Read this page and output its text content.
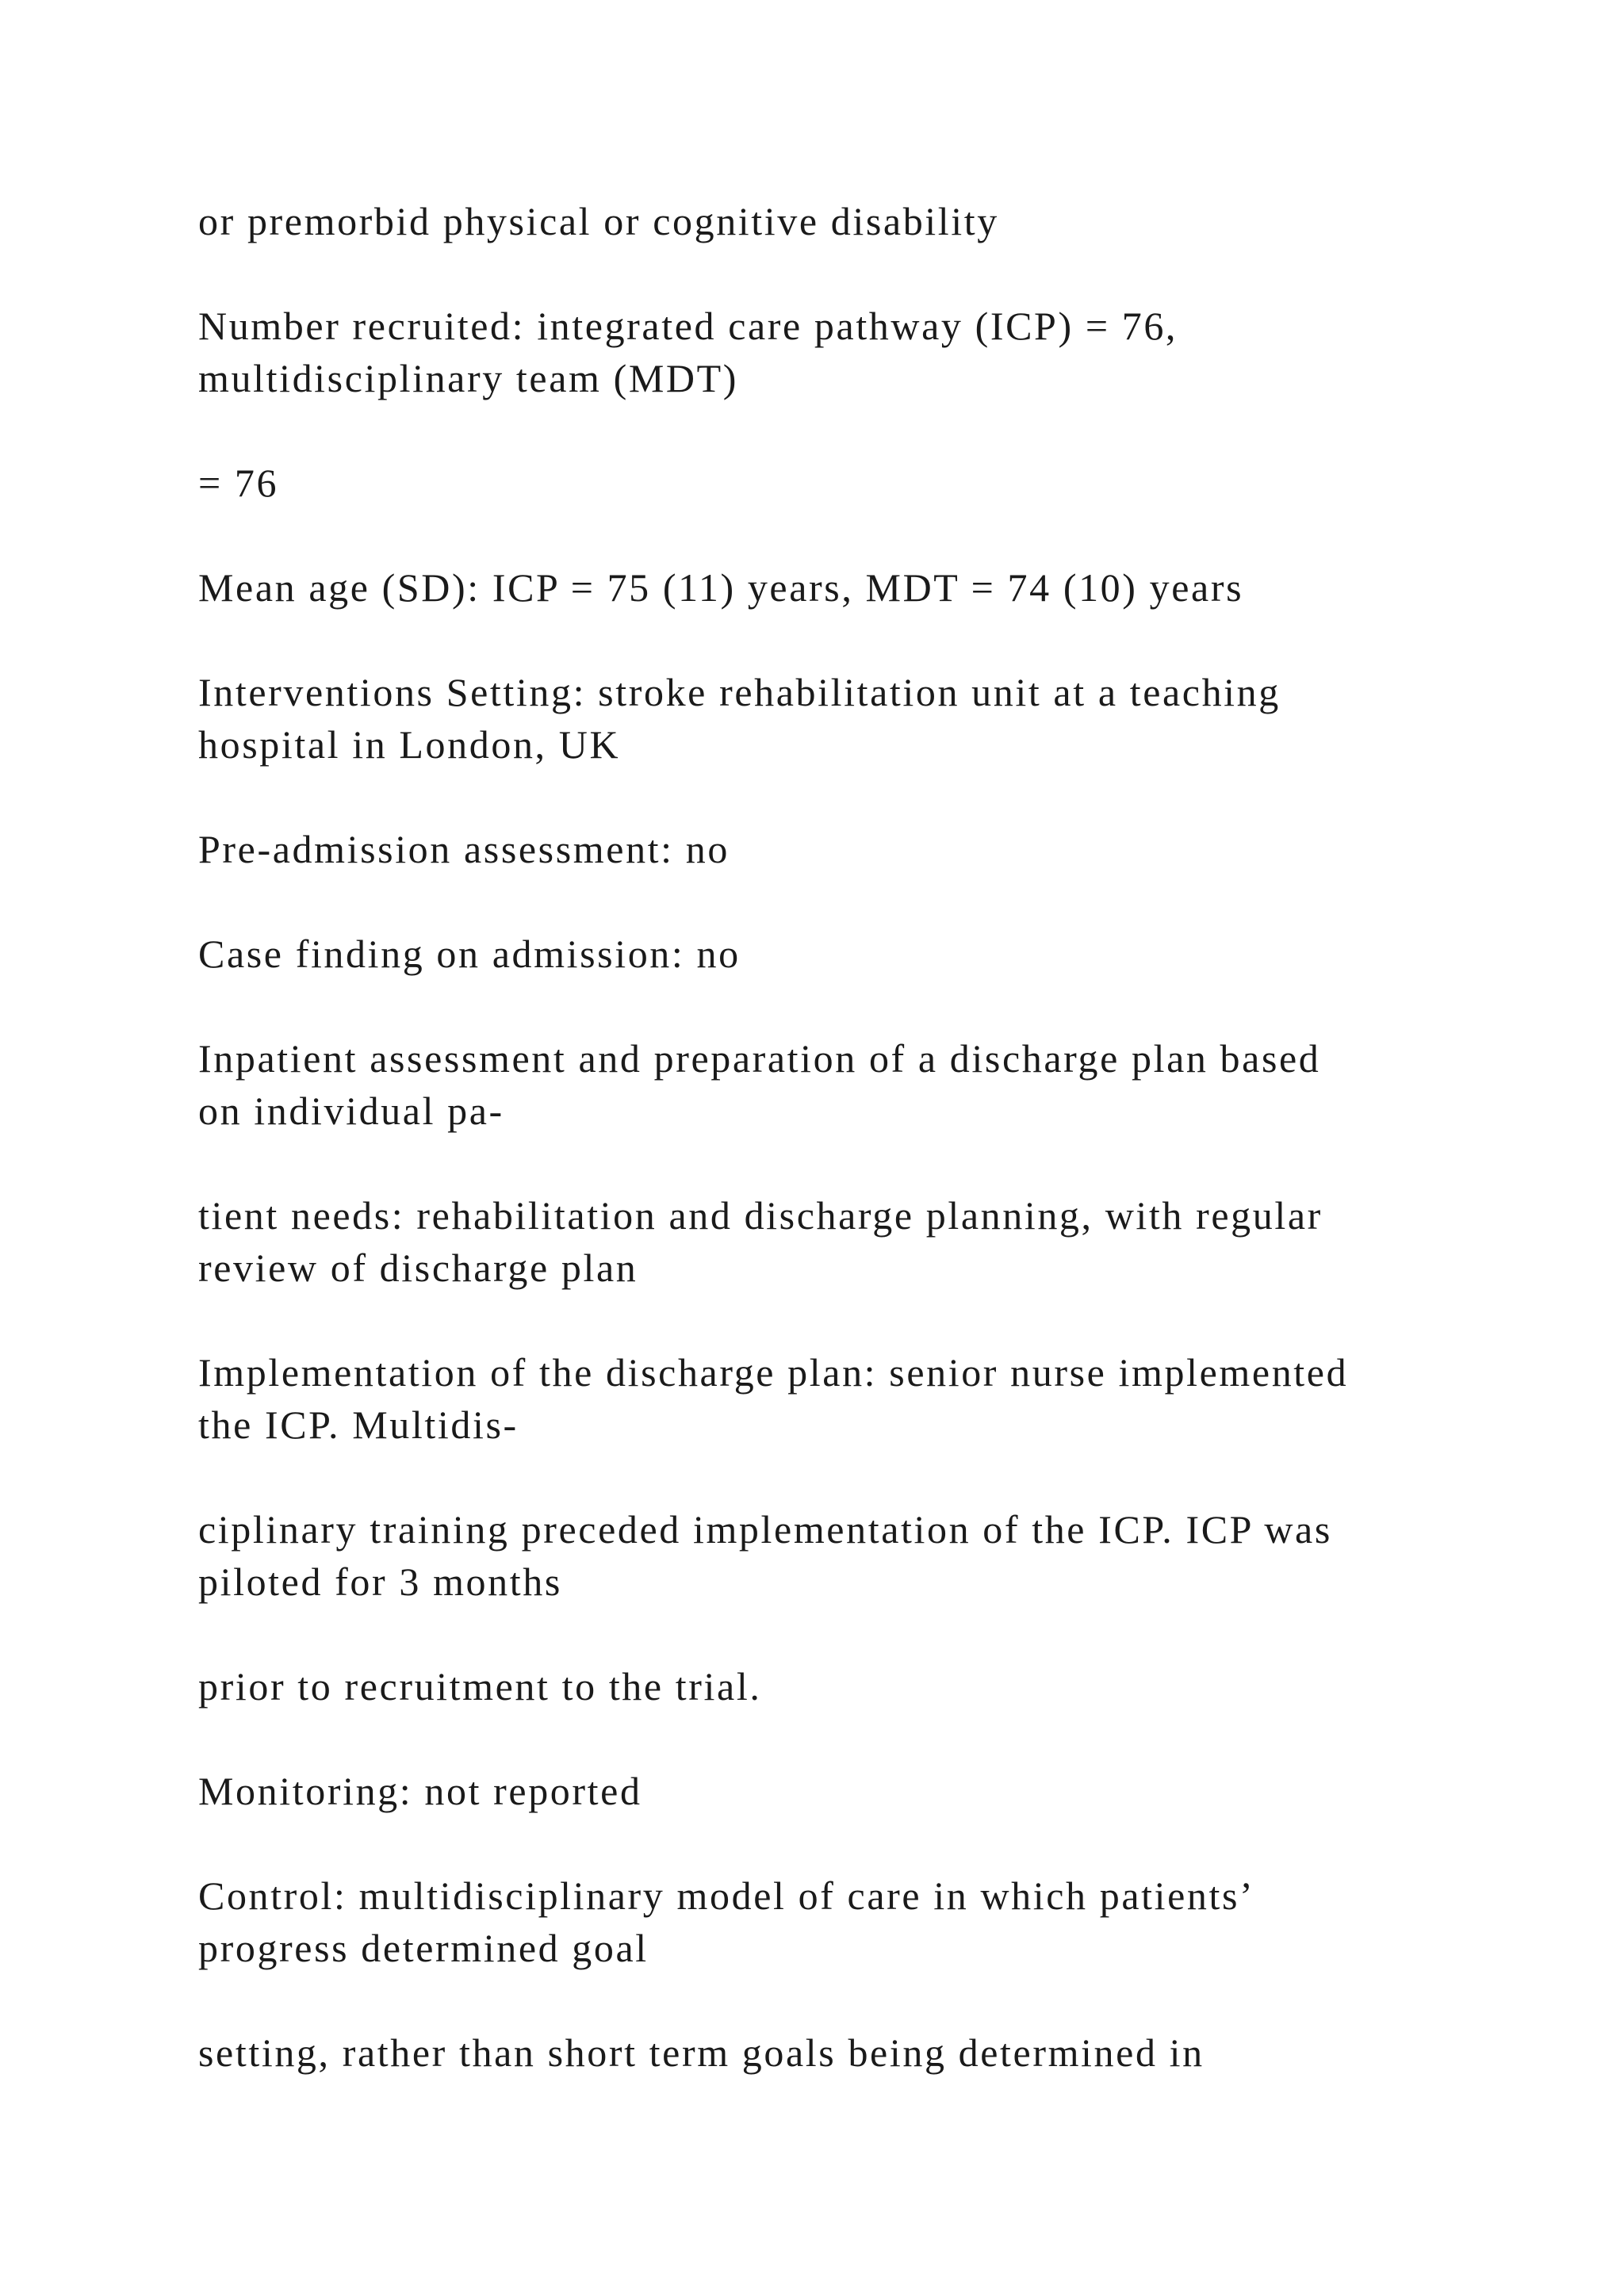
or premorbid physical or cognitive disability

Number recruited: integrated care pathway (ICP) = 76,
multidisciplinary team (MDT)

= 76

Mean age (SD): ICP = 75 (11) years, MDT = 74 (10) years

Interventions Setting: stroke rehabilitation unit at a teaching
hospital in London, UK

Pre-admission assessment: no

Case finding on admission: no

Inpatient assessment and preparation of a discharge plan based
on individual pa-

tient needs: rehabilitation and discharge planning, with regular
review of discharge plan

Implementation of the discharge plan: senior nurse implemented
the ICP. Multidis-

ciplinary training preceded implementation of the ICP. ICP was
piloted for 3 months

prior to recruitment to the trial.

Monitoring: not reported

Control: multidisciplinary model of care in which patients’
progress determined goal

setting, rather than short term goals being determined in
